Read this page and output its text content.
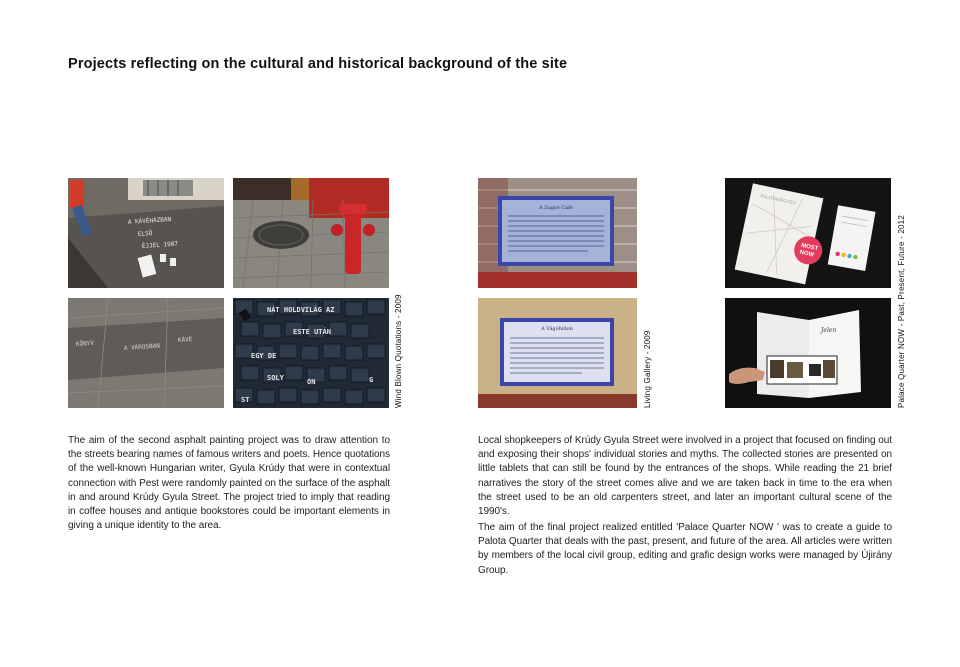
Projects reflecting on the cultural and historical background of the site
A KÁVÉHÁZBAN
ELSŐ
ÉJJEL 1907
KÖNYV	A VÁROSBAN
KÁVÉ
NÁT HOLDVILÁG AZ
ESTE UTÁN
EGY DE
SOLY	ON
ST
G	Wind Blown Quotations - 2009
A Zugsó Café
A Vágóhídon
Living Gallery - 2009
MOST
NOW
PALOTANEGYED
Jelen	Palace Quarter NOW - Past, Present, Future - 2012

The aim of the second asphalt painting project was to draw attention to the streets bearing names of famous writers and poets. Hence quotations of the well-known Hungarian writer, Gyula Krúdy that were in contextual connection with Pest were randomly painted on the surface of the asphalt in and around Krúdy Gyula Street. The project tried to imply that reading in coffee houses and antique bookstores could be important elements in giving a unique identity to the area.

Local shopkeepers of Krúdy Gyula Street were involved in a project that focused on finding out and exposing their shops' individual stories and myths. The collected stories are presented on little tablets that can still be found by the entrances of the shops. While reading the 21 brief narratives the story of the street comes alive and we are taken back in time to the era when the street used to be an old carpenters street, and later an important cultural scene of the 1990's.

The aim of the final project realized entitled 'Palace Quarter NOW ' was to create a guide to Palota Quarter that deals with the past, present, and future of the area. All articles were written by members of the local civil group, editing and grafic design works were managed by Újirány Group.
